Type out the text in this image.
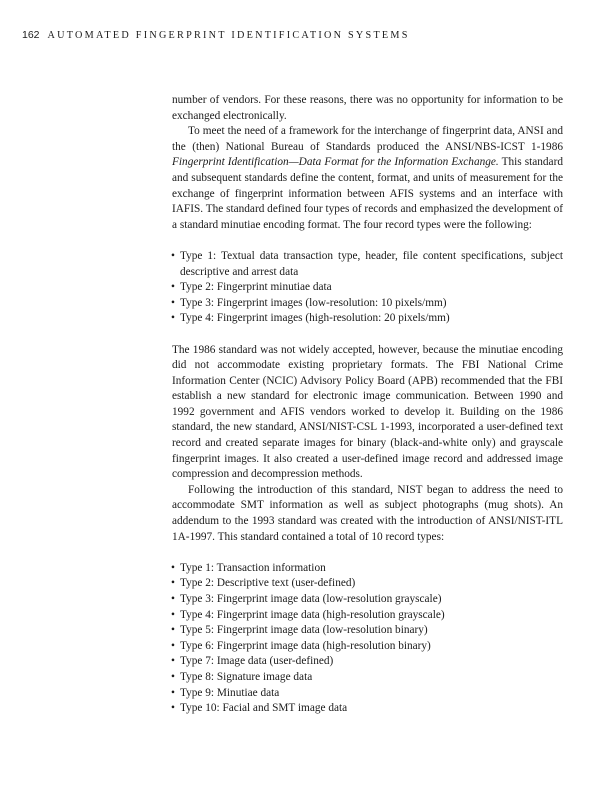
162 AUTOMATED FINGERPRINT IDENTIFICATION SYSTEMS

number of vendors. For these reasons, there was no opportunity for information to be exchanged electronically.

To meet the need of a framework for the interchange of fingerprint data, ANSI and the (then) National Bureau of Standards produced the ANSI/NBS-ICST 1-1986 Fingerprint Identification—Data Format for the Information Exchange. This standard and subsequent standards define the content, format, and units of measurement for the exchange of fingerprint information between AFIS systems and an interface with IAFIS. The standard defined four types of records and emphasized the development of a standard minutiae encoding format. The four record types were the following:

• Type 1: Textual data transaction type, header, file content specifications, subject descriptive and arrest data
• Type 2: Fingerprint minutiae data
• Type 3: Fingerprint images (low-resolution: 10 pixels/mm)
• Type 4: Fingerprint images (high-resolution: 20 pixels/mm)

The 1986 standard was not widely accepted, however, because the minutiae encoding did not accommodate existing proprietary formats. The FBI National Crime Information Center (NCIC) Advisory Policy Board (APB) recommended that the FBI establish a new standard for electronic image communication. Between 1990 and 1992 government and AFIS vendors worked to develop it. Building on the 1986 standard, the new standard, ANSI/NIST-CSL 1-1993, incorporated a user-defined text record and created separate images for binary (black-and-white only) and grayscale fingerprint images. It also created a user-defined image record and addressed image compression and decompression methods.

Following the introduction of this standard, NIST began to address the need to accommodate SMT information as well as subject photographs (mug shots). An addendum to the 1993 standard was created with the introduction of ANSI/NIST-ITL 1A-1997. This standard contained a total of 10 record types:

• Type 1: Transaction information
• Type 2: Descriptive text (user-defined)
• Type 3: Fingerprint image data (low-resolution grayscale)
• Type 4: Fingerprint image data (high-resolution grayscale)
• Type 5: Fingerprint image data (low-resolution binary)
• Type 6: Fingerprint image data (high-resolution binary)
• Type 7: Image data (user-defined)
• Type 8: Signature image data
• Type 9: Minutiae data
• Type 10: Facial and SMT image data
